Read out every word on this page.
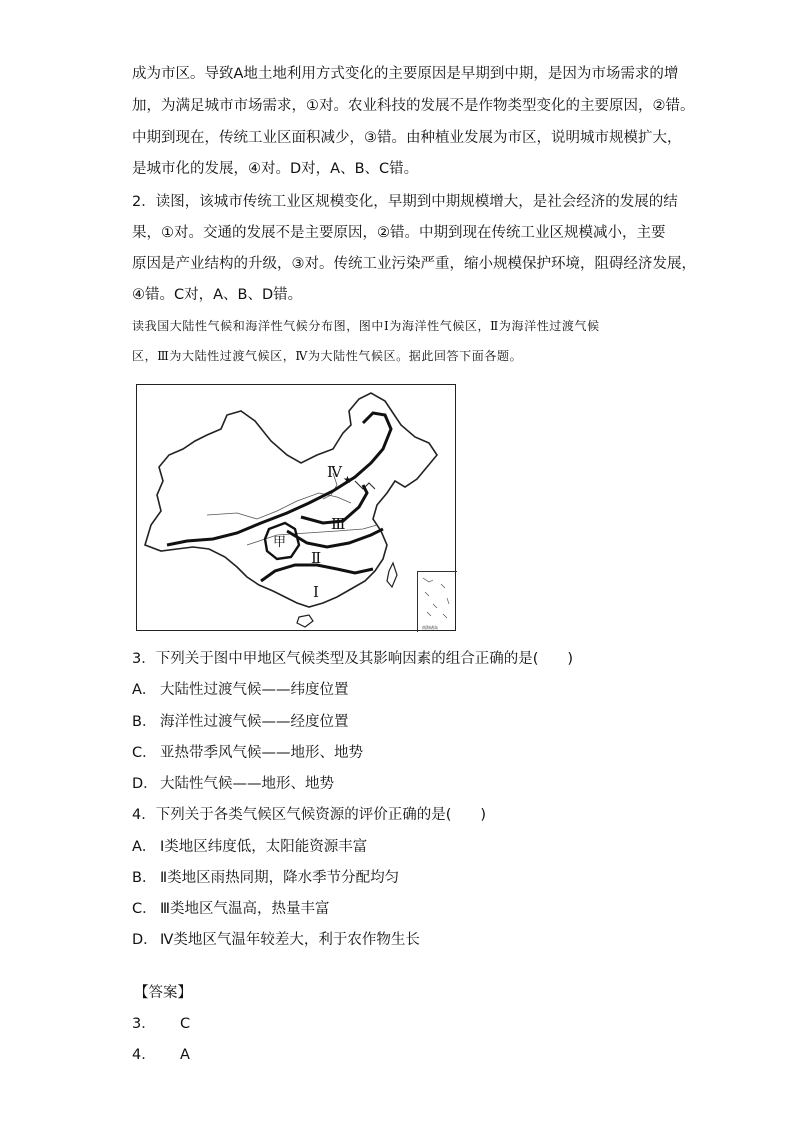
成为市区。导致A地土地利用方式变化的主要原因是早期到中期，是因为市场需求的增
加，为满足城市市场需求，①对。农业科技的发展不是作物类型变化的主要原因，②错。
中期到现在，传统工业区面积减少，③错。由种植业发展为市区，说明城市规模扩大，
是城市化的发展，④对。D对，A、B、C错。
2．读图，该城市传统工业区规模变化，早期到中期规模增大，是社会经济的发展的结
果，①对。交通的发展不是主要原因，②错。中期到现在传统工业区规模减小，主要
原因是产业结构的升级，③对。传统工业污染严重，缩小规模保护环境，阻碍经济发展，
④错。C对，A、B、D错。
读我国大陆性气候和海洋性气候分布图，图中Ⅰ为海洋性气候区，Ⅱ为海洋性过渡气候
区，Ⅲ为大陆性过渡气候区，Ⅳ为大陆性气候区。据此回答下面各题。
★
Ⅳ
Ⅲ
Ⅱ
Ⅰ
甲
南海诸岛
3．下列关于图中甲地区气候类型及其影响因素的组合正确的是(　　)
A． 大陆性过渡气候——纬度位置
B． 海洋性过渡气候——经度位置
C． 亚热带季风气候——地形、地势
D． 大陆性气候——地形、地势
4．下列关于各类气候区气候资源的评价正确的是(　　)
A． Ⅰ类地区纬度低，太阳能资源丰富
B． Ⅱ类地区雨热同期，降水季节分配均匀
C． Ⅲ类地区气温高，热量丰富
D． Ⅳ类地区气温年较差大，利于农作物生长
【答案】
3． C
4． A
